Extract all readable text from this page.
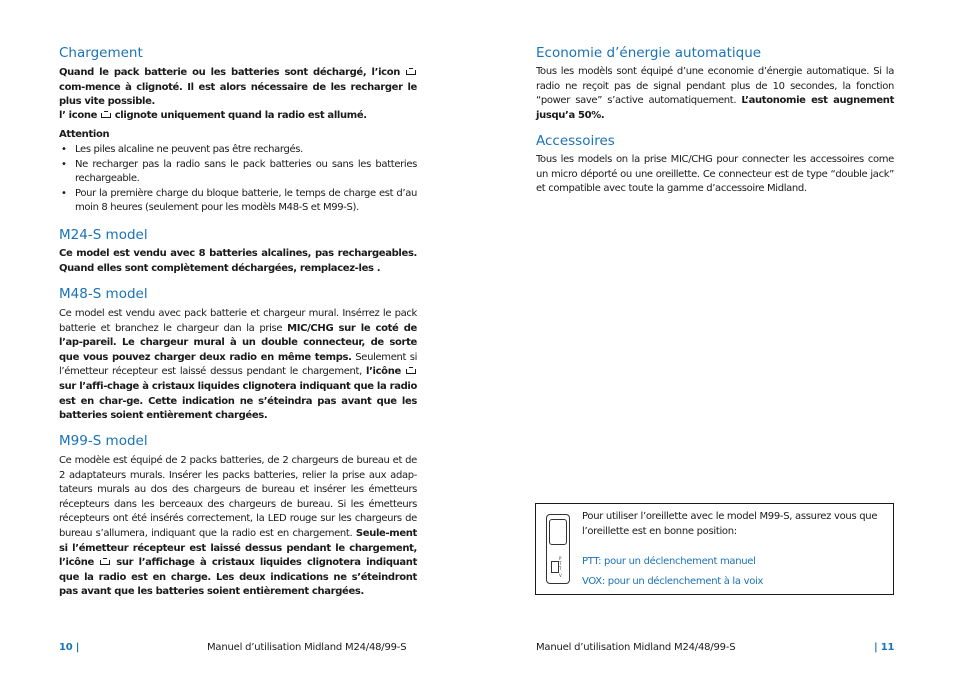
Chargement

Quand le pack batterie ou les batteries sont déchargé, l’icon  com-mence à clignoté. Il est alors nécessaire de les recharger le plus vite possible.

l’ icone clignote uniquement quand la radio est allumé.

Attention

• Les piles alcaline ne peuvent pas être rechargés.
• Ne recharger pas la radio sans le pack batteries ou sans les batteries rechargeable.
• Pour la première charge du bloque batterie, le temps de charge est d’au moin 8 heures (seulement pour les modèls M48-S et M99-S).
M24-S model

Ce model est vendu avec 8 batteries alcalines, pas rechargeables. Quand elles sont complètement déchargées, remplacez-les .

M48-S model

Ce model est vendu avec pack batterie et chargeur mural. Insérrez le pack batterie et branchez le chargeur dan la prise MIC/CHG sur le coté de l’ap-pareil. Le chargeur mural à un double connecteur, de sorte que vous pouvez charger deux radio en même temps. Seulement si l’émetteur récepteur est laissé dessus pendant le chargement, l’icône  sur l’affi-chage à cristaux liquides clignotera indiquant que la radio est en char-ge. Cette indication ne s’éteindra pas avant que les batteries soient entièrement chargées.

M99-S model

Ce modèle est équipé de 2 packs batteries, de 2 chargeurs de bureau et de 2 adaptateurs murals. Insérer les packs batteries, relier la prise aux adap-tateurs murals au dos des chargeurs de bureau et insérer les émetteurs récepteurs dans les berceaux des chargeurs de bureau. Si les émetteurs récepteurs ont été insérés correctement, la LED rouge sur les chargeurs de bureau s’allumera, indiquant que la radio est en chargement. Seule-ment si l’émetteur récepteur est laissé dessus pendant le chargement, l’icône sur l’affichage à cristaux liquides clignotera indiquant que la radio est en charge. Les deux indications ne s’éteindront pas avant que les batteries soient entièrement chargées.

10 |	Manuel d’utilisation Midland M24/48/99-S
Economie d’énergie automatique

Tous les modèls sont équipé d’une economie d’énergie automatique. Si la radio ne reçoit pas de signal pendant plus de 10 secondes, la fonction “power save” s’active automatiquement. L’autonomie est augnement jusqu’a 50%.

Accessoires

Tous les models on la prise MIC/CHG pour connecter les accessoires come un micro déporté ou une oreillette. Ce connecteur est de type “double jack” et compatible avec toute la gamme d’accessoire Midland.

P
T
T
V
Pour utiliser l’oreillette avec le model M99-S, assurez vous que l’oreillette est en bonne position:
PTT: pour un déclenchement manuel
VOX: pour un déclenchement à la voix
Manuel d’utilisation Midland M24/48/99-S	| 11
